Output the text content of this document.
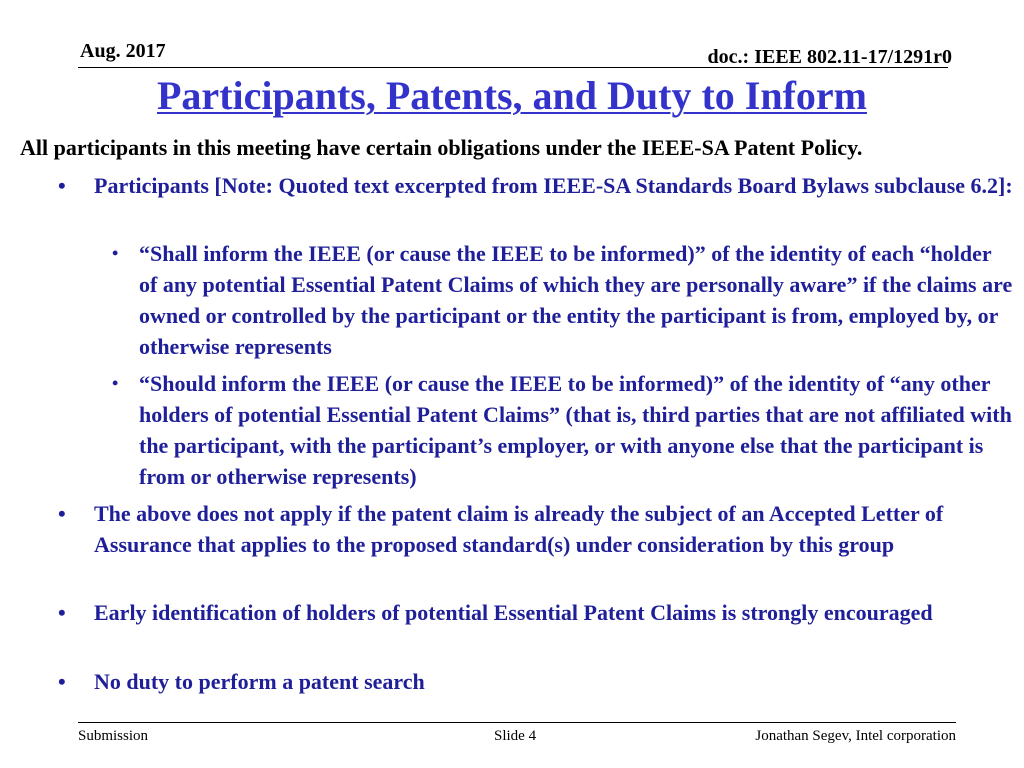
Aug. 2017	doc.: IEEE 802.11-17/1291r0
Participants, Patents, and Duty to Inform
All participants in this meeting have certain obligations under the IEEE-SA Patent Policy.
• Participants [Note: Quoted text excerpted from IEEE-SA Standards Board Bylaws subclause 6.2]:
• “Shall inform the IEEE (or cause the IEEE to be informed)” of the identity of each “holder of any potential Essential Patent Claims of which they are personally aware” if the claims are owned or controlled by the participant or the entity the participant is from, employed by, or otherwise represents
• “Should inform the IEEE (or cause the IEEE to be informed)” of the identity of “any other holders of potential Essential Patent Claims” (that is, third parties that are not affiliated with the participant, with the participant’s employer, or with anyone else that the participant is from or otherwise represents)
• The above does not apply if the patent claim is already the subject of an Accepted Letter of Assurance that applies to the proposed standard(s) under consideration by this group
• Early identification of holders of potential Essential Patent Claims is strongly encouraged
• No duty to perform a patent search
Submission	Slide 4	Jonathan Segev, Intel corporation
